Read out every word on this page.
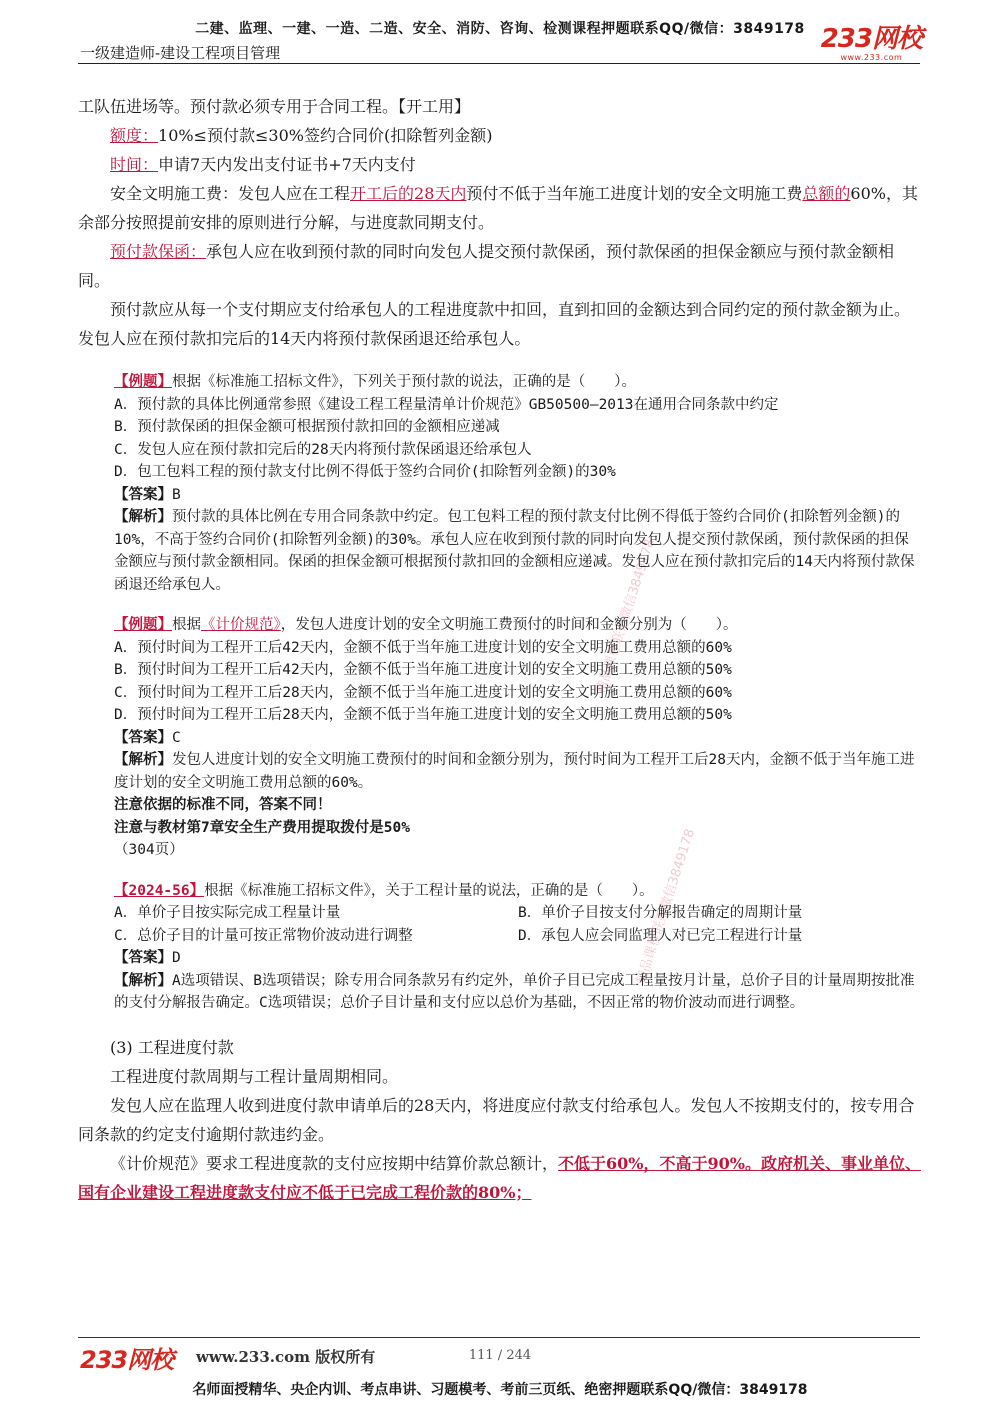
二建、监理、一建、一造、二造、安全、消防、咨询、检测课程押题联系QQ/微信：3849178
一级建造师-建设工程项目管理	233网校
www.233.com
精品课程联系微信3849178
精品课程联系微信3849178

工队伍进场等。预付款必须专用于合同工程。【开工用】

额度：10%≤预付款≤30%签约合同价(扣除暂列金额)

时间：申请7天内发出支付证书+7天内支付

安全文明施工费：发包人应在工程开工后的28天内预付不低于当年施工进度计划的安全文明施工费总额的60%，其余部分按照提前安排的原则进行分解，与进度款同期支付。

预付款保函：承包人应在收到预付款的同时向发包人提交预付款保函，预付款保函的担保金额应与预付款金额相同。

预付款应从每一个支付期应支付给承包人的工程进度款中扣回，直到扣回的金额达到合同约定的预付款金额为止。发包人应在预付款扣完后的14天内将预付款保函退还给承包人。

【例题】根据《标准施工招标文件》，下列关于预付款的说法，正确的是（　　）。
A．预付款的具体比例通常参照《建设工程工程量清单计价规范》GB50500—2013在通用合同条款中约定
B．预付款保函的担保金额可根据预付款扣回的金额相应递减
C．发包人应在预付款扣完后的28天内将预付款保函退还给承包人
D．包工包料工程的预付款支付比例不得低于签约合同价(扣除暂列金额)的30%
【答案】B
【解析】预付款的具体比例在专用合同条款中约定。包工包料工程的预付款支付比例不得低于签约合同价(扣除暂列金额)的10%，不高于签约合同价(扣除暂列金额)的30%。承包人应在收到预付款的同时向发包人提交预付款保函，预付款保函的担保金额应与预付款金额相同。保函的担保金额可根据预付款扣回的金额相应递减。发包人应在预付款扣完后的14天内将预付款保函退还给承包人。
【例题】根据《计价规范》，发包人进度计划的安全文明施工费预付的时间和金额分别为（　　）。
A．预付时间为工程开工后42天内，金额不低于当年施工进度计划的安全文明施工费用总额的60%
B．预付时间为工程开工后42天内，金额不低于当年施工进度计划的安全文明施工费用总额的50%
C．预付时间为工程开工后28天内，金额不低于当年施工进度计划的安全文明施工费用总额的60%
D．预付时间为工程开工后28天内，金额不低于当年施工进度计划的安全文明施工费用总额的50%
【答案】C
【解析】发包人进度计划的安全文明施工费预付的时间和金额分别为，预付时间为工程开工后28天内，金额不低于当年施工进度计划的安全文明施工费用总额的60%。
注意依据的标准不同，答案不同！
注意与教材第7章安全生产费用提取拨付是50%
（304页）
【2024-56】根据《标准施工招标文件》，关于工程计量的说法，正确的是（　　）。
A．单价子目按实际完成工程量计量	B．单价子目按支付分解报告确定的周期计量
C．总价子目的计量可按正常物价波动进行调整	D．承包人应会同监理人对已完工程进行计量
【答案】D
【解析】A选项错误、B选项错误；除专用合同条款另有约定外，单价子目已完成工程量按月计量，总价子目的计量周期按批准的支付分解报告确定。C选项错误；总价子目计量和支付应以总价为基础，不因正常的物价波动而进行调整。

(3) 工程进度付款

工程进度付款周期与工程计量周期相同。

发包人应在监理人收到进度付款申请单后的28天内，将进度应付款支付给承包人。发包人不按期支付的，按专用合同条款的约定支付逾期付款违约金。

《计价规范》要求工程进度款的支付应按期中结算价款总额计，不低于60%，不高于90%。政府机关、事业单位、国有企业建设工程进度款支付应不低于已完成工程价款的80%；

233网校 www.233.com 版权所有	111 / 244
名师面授精华、央企内训、考点串讲、习题模考、考前三页纸、绝密押题联系QQ/微信：3849178
